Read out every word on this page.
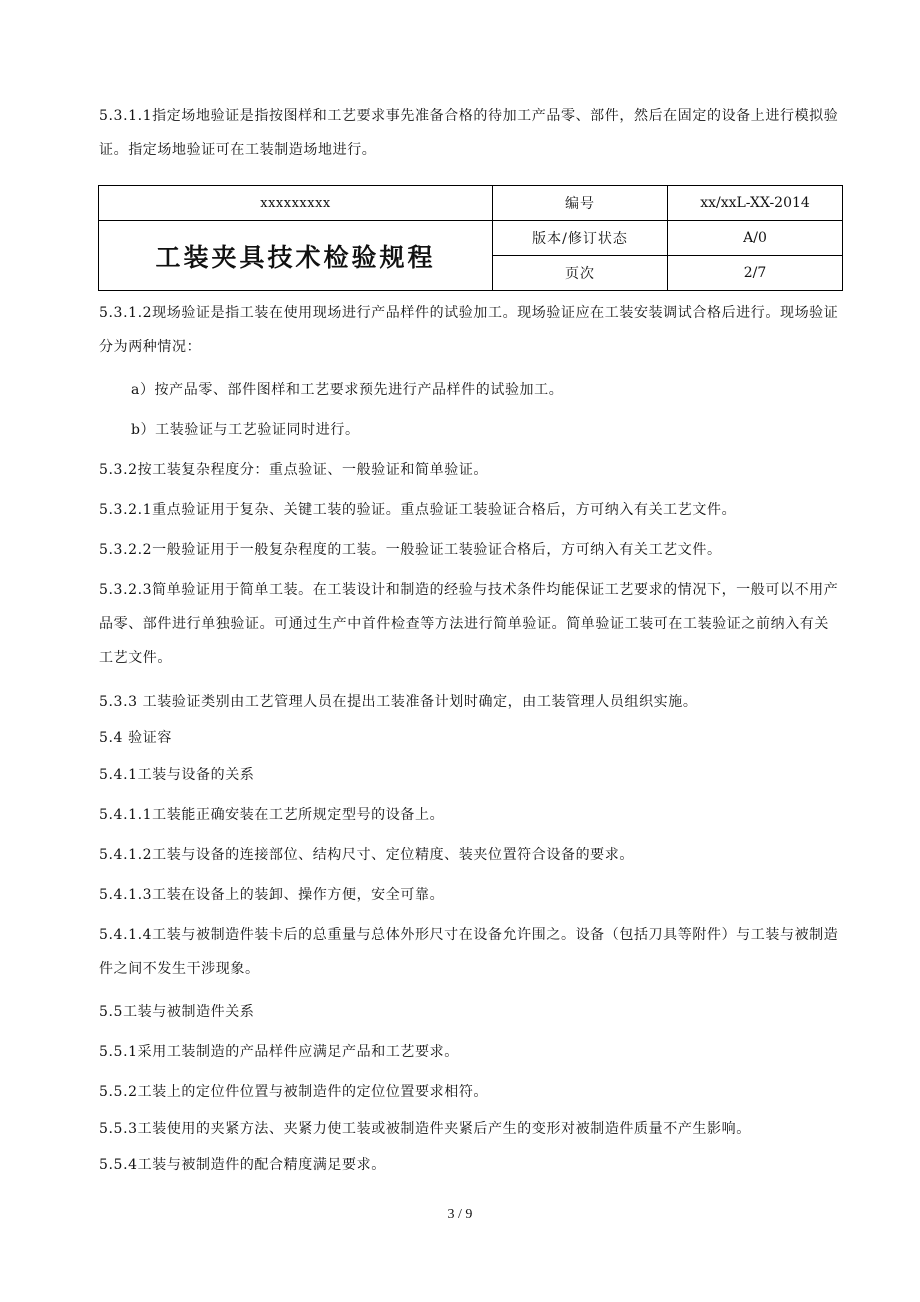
5.3.1.1指定场地验证是指按图样和工艺要求事先准备合格的待加工产品零、部件，然后在固定的设备上进行模拟验证。指定场地验证可在工装制造场地进行。
xxxxxxxxx	编号	xx/xxL-XX-2014
工装夹具技术检验规程	版本/修订状态	A/0
	页次	2/7
5.3.1.2现场验证是指工装在使用现场进行产品样件的试验加工。现场验证应在工装安装调试合格后进行。现场验证分为两种情况：
a）按产品零、部件图样和工艺要求预先进行产品样件的试验加工。
b）工装验证与工艺验证同时进行。
5.3.2按工装复杂程度分：重点验证、一般验证和简单验证。
5.3.2.1重点验证用于复杂、关键工装的验证。重点验证工装验证合格后，方可纳入有关工艺文件。
5.3.2.2一般验证用于一般复杂程度的工装。一般验证工装验证合格后，方可纳入有关工艺文件。
5.3.2.3简单验证用于简单工装。在工装设计和制造的经验与技术条件均能保证工艺要求的情况下，一般可以不用产品零、部件进行单独验证。可通过生产中首件检查等方法进行简单验证。简单验证工装可在工装验证之前纳入有关工艺文件。
5.3.3 工装验证类别由工艺管理人员在提出工装准备计划时确定，由工装管理人员组织实施。
5.4 验证容
5.4.1工装与设备的关系
5.4.1.1工装能正确安装在工艺所规定型号的设备上。
5.4.1.2工装与设备的连接部位、结构尺寸、定位精度、装夹位置符合设备的要求。
5.4.1.3工装在设备上的装卸、操作方便，安全可靠。
5.4.1.4工装与被制造件装卡后的总重量与总体外形尺寸在设备允许围之。设备（包括刀具等附件）与工装与被制造件之间不发生干涉现象。
5.5工装与被制造件关系
5.5.1采用工装制造的产品样件应满足产品和工艺要求。
5.5.2工装上的定位件位置与被制造件的定位位置要求相符。
5.5.3工装使用的夹紧方法、夹紧力使工装或被制造件夹紧后产生的变形对被制造件质量不产生影响。
5.5.4工装与被制造件的配合精度满足要求。
3 / 9
